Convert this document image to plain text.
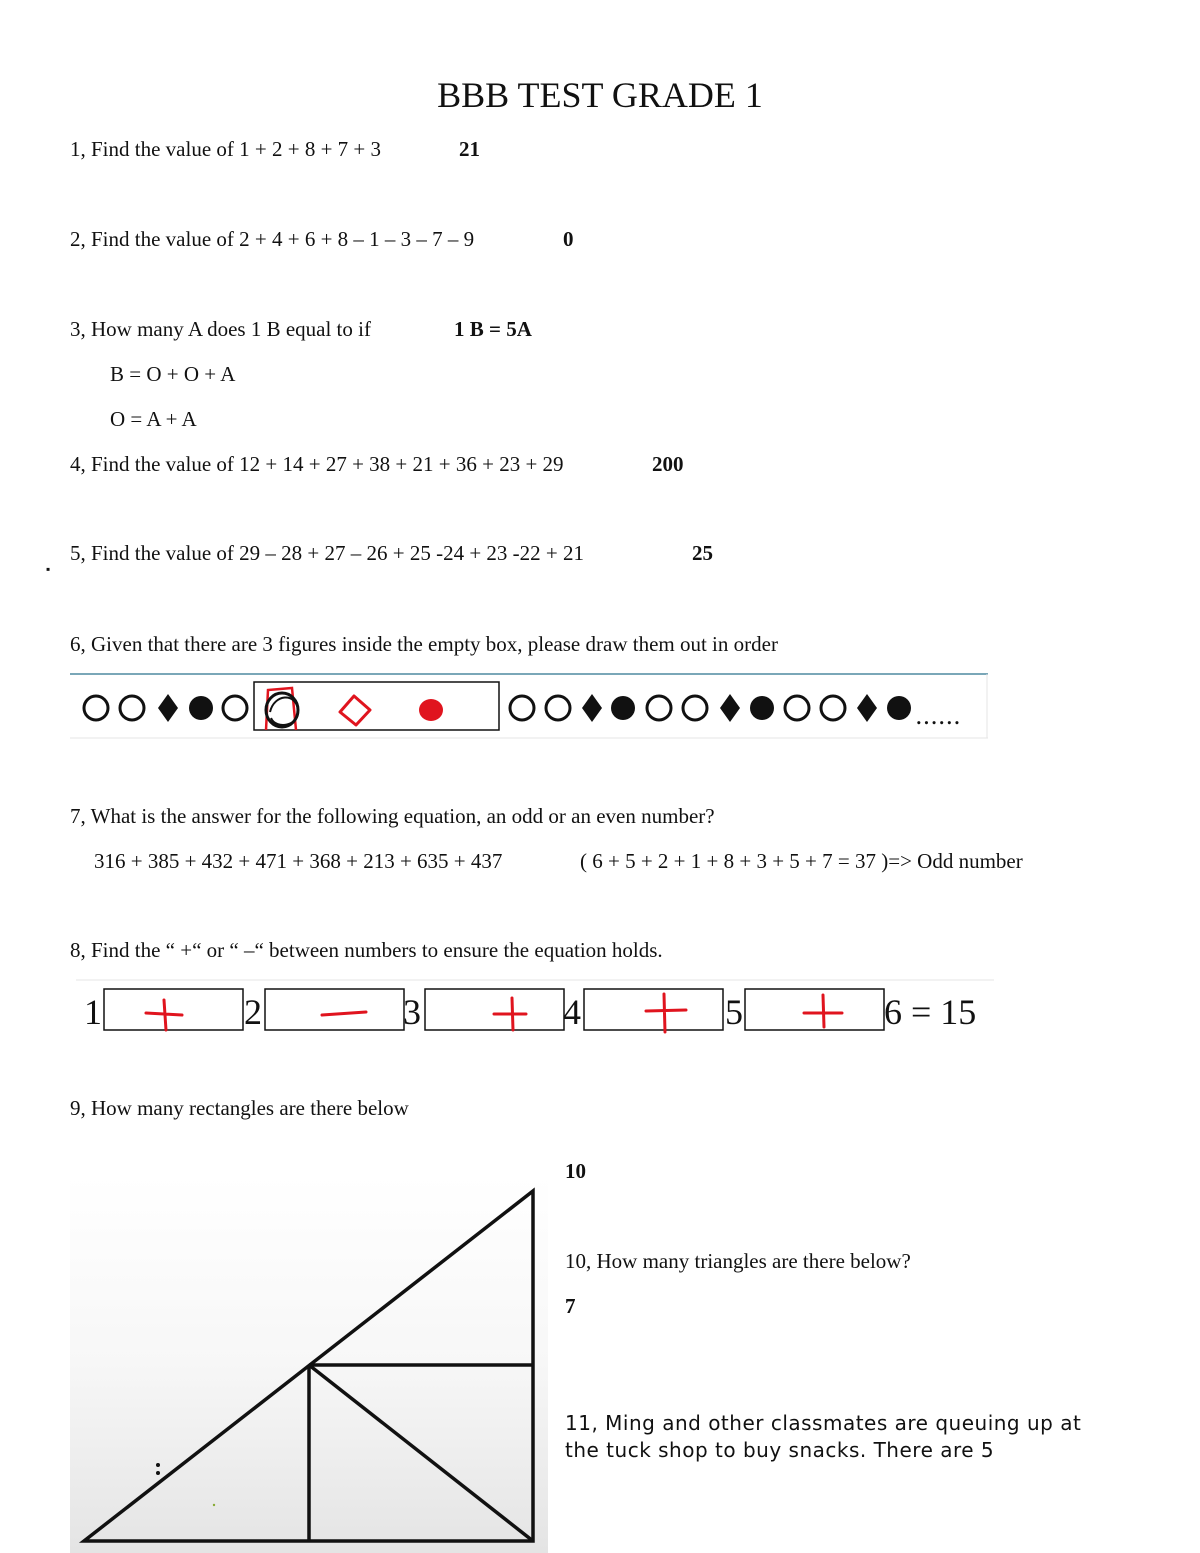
BBB TEST GRADE 1
1, Find the value of 1 + 2 + 8 + 7 + 3	21
2, Find the value of 2 + 4 + 6 + 8 – 1 – 3 – 7 – 9	0
3, How many A does 1 B equal to if	1 B = 5A
B = O + O + A
O = A + A
4, Find the value of 12 + 14 + 27 + 38 + 21 + 36 + 23 + 29	200
5, Find the value of 29 – 28 + 27 – 26 + 25 -24 + 23 -22 + 21	25
▪
6, Given that there are 3 figures inside the empty box, please draw them out in order
......
7, What is the answer for the following equation, an odd or an even number?
316 + 385 + 432 + 471 + 368 + 213 + 635 + 437	( 6 + 5 + 2 + 1 + 8 + 3 + 5 + 7 = 37 )=> Odd number
8, Find the “ +“ or “ –“ between numbers to ensure the equation holds.
1	2	3	4	5	6 = 15
9, How many rectangles are there below
10
10, How many triangles are there below?
7
11, Ming and other classmates are queuing up at the tuck shop to buy snacks. There are 5
